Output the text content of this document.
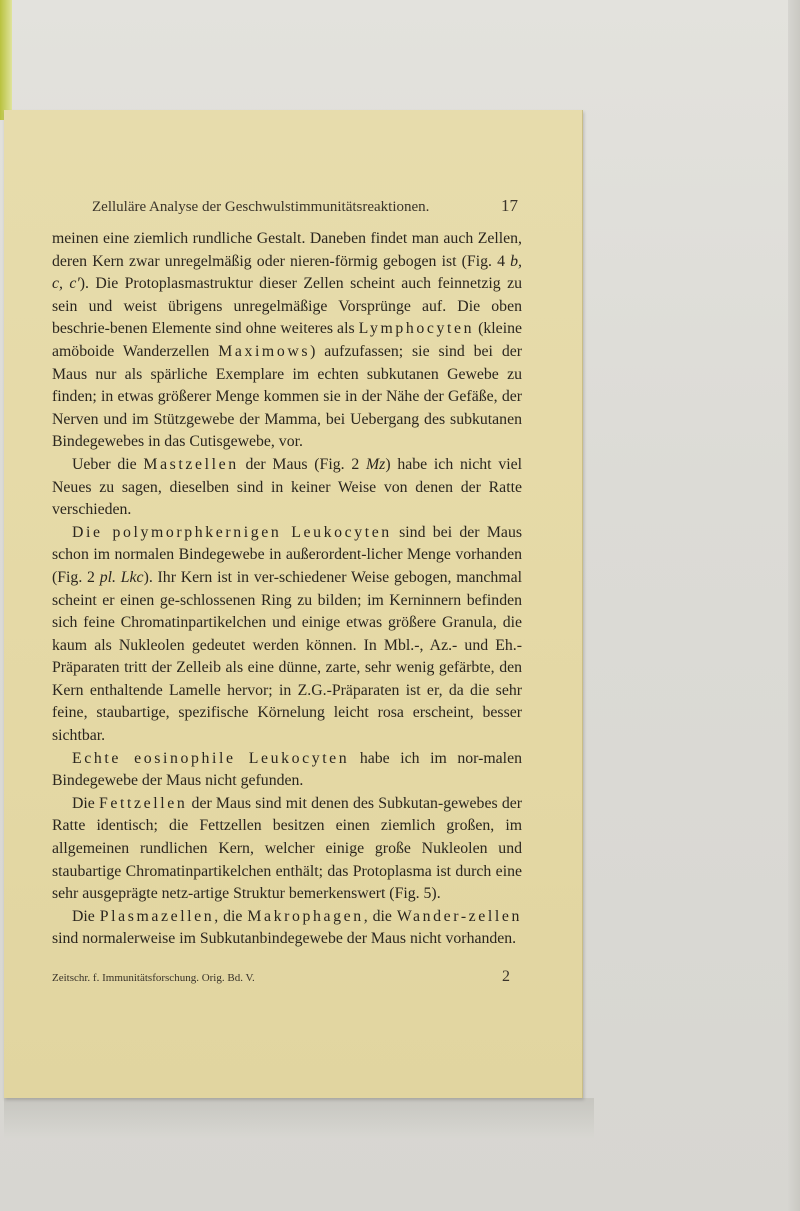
Zelluläre Analyse der Geschwulstimmunitätsreaktionen.	17

meinen eine ziemlich rundliche Gestalt. Daneben findet man auch Zellen, deren Kern zwar unregelmäßig oder nieren-förmig gebogen ist (Fig. 4 b, c, c'). Die Protoplasmastruktur dieser Zellen scheint auch feinnetzig zu sein und weist übrigens unregelmäßige Vorsprünge auf. Die oben beschrie-benen Elemente sind ohne weiteres als Lymphocyten (kleine amöboide Wanderzellen Maximows) aufzufassen; sie sind bei der Maus nur als spärliche Exemplare im echten subkutanen Gewebe zu finden; in etwas größerer Menge kommen sie in der Nähe der Gefäße, der Nerven und im Stützgewebe der Mamma, bei Uebergang des subkutanen Bindegewebes in das Cutisgewebe, vor.

Ueber die Mastzellen der Maus (Fig. 2 Mz) habe ich nicht viel Neues zu sagen, dieselben sind in keiner Weise von denen der Ratte verschieden.

Die polymorphkernigen Leukocyten sind bei der Maus schon im normalen Bindegewebe in außerordent-licher Menge vorhanden (Fig. 2 pl. Lkc). Ihr Kern ist in ver-schiedener Weise gebogen, manchmal scheint er einen ge-schlossenen Ring zu bilden; im Kerninnern befinden sich feine Chromatinpartikelchen und einige etwas größere Granula, die kaum als Nukleolen gedeutet werden können. In Mbl.-, Az.- und Eh.-Präparaten tritt der Zelleib als eine dünne, zarte, sehr wenig gefärbte, den Kern enthaltende Lamelle hervor; in Z.G.-Präparaten ist er, da die sehr feine, staubartige, spezifische Körnelung leicht rosa erscheint, besser sichtbar.

Echte eosinophile Leukocyten habe ich im nor-malen Bindegewebe der Maus nicht gefunden.

Die Fettzellen der Maus sind mit denen des Subkutan-gewebes der Ratte identisch; die Fettzellen besitzen einen ziemlich großen, im allgemeinen rundlichen Kern, welcher einige große Nukleolen und staubartige Chromatinpartikelchen enthält; das Protoplasma ist durch eine sehr ausgeprägte netz-artige Struktur bemerkenswert (Fig. 5).

Die Plasmazellen, die Makrophagen, die Wander-zellen sind normalerweise im Subkutanbindegewebe der Maus nicht vorhanden.

Zeitschr. f. Immunitätsforschung. Orig. Bd. V.	2
